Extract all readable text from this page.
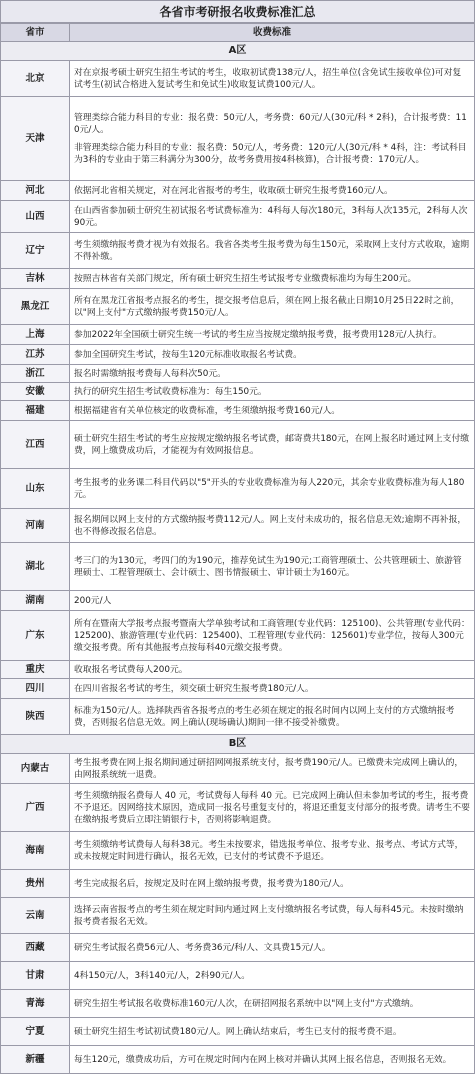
各省市考研报名收费标准汇总
省市	收费标准
A区	
北京	对在京报考硕士研究生招生考试的考生，收取初试费138元/人，招生单位(含免试生接收单位)可对复试考生(初试合格进入复试考生和免试生)收取复试费100元/人。

天津	管理类综合能力科目的专业：报名费：50元/人，考务费：60元/人(30元/科 * 2科)，合计报考费：110元/人。
非管理类综合能力科目的专业：报名费：50元/人，考务费：120元/人(30元/科 * 4科，注：考试科目为3科的专业由于第三科满分为300分，故考务费用按4科核算)，合计报考费：170元/人。

河北	依据河北省相关规定，对在河北省报考的考生，收取硕士研究生报考费160元/人。

山西	在山西省参加硕士研究生初试报名考试费标准为：4科每人每次180元，3科每人次135元，2科每人次90元。

辽宁	考生须缴纳报考费才视为有效报名。我省各类考生报考费为每生150元，采取网上支付方式收取，逾期不得补缴。

吉林	按照吉林省有关部门规定，所有硕士研究生招生考试报考专业缴费标准均为每生200元。

黑龙江	所有在黑龙江省报考点报名的考生，提交报考信息后，须在网上报名截止日期10月25日22时之前，以"网上支付"方式缴纳报考费150元/人。

上海	参加2022年全国硕士研究生统一考试的考生应当按规定缴纳报考费，报考费用128元/人执行。

江苏	参加全国研究生考试，按每生120元标准收取报名考试费。

浙江	报名时需缴纳报考费每人每科次50元。

安徽	执行的研究生招生考试收费标准为：每生150元。

福建	根据福建省有关单位核定的收费标准，考生须缴纳报考费160元/人。

江西	硕士研究生招生考试的考生应按规定缴纳报名考试费，邮寄费共180元，在网上报名时通过网上支付缴费，网上缴费成功后，才能视为有效网报信息。

山东	考生报考的业务课二科目代码以"5"开头的专业收费标准为每人220元，其余专业收费标准为每人180元。

河南	报名期间以网上支付的方式缴纳报考费112元/人。网上支付未成功的，报名信息无效;逾期不再补报，也不得修改报名信息。

湖北	考三门的为130元，考四门的为190元，推荐免试生为190元;工商管理硕士、公共管理硕士、旅游管理硕士、工程管理硕士、会计硕士、图书情报硕士、审计硕士为160元。

湖南	200元/人

广东	所有在暨南大学报考点报考暨南大学单独考试和工商管理(专业代码：125100)、公共管理(专业代码：125200)、旅游管理(专业代码：125400)、工程管理(专业代码：125601)专业学位，按每人300元缴交报考费。所有其他报考点按每科40元缴交报考费。

重庆	收取报名考试费每人200元。

四川	在四川省报名考试的考生，须交硕士研究生报考费180元/人。

陕西	标准为150元/人。选择陕西省各报考点的考生必须在规定的报名时间内以网上支付的方式缴纳报考费，否则报名信息无效。网上确认(现场确认)期间一律不接受补缴费。

B区	
内蒙古	考生报考费在网上报名期间通过研招网网报系统支付，报考费190元/人。已缴费未完成网上确认的，由网报系统统一退费。

广西	考生须缴纳报名费每人 40 元，考试费每人每科 40 元。已完成网上确认但未参加考试的考生，报考费不予退还。因网络技术原因，造成同一报名号重复支付的，将退还重复支付部分的报考费。请考生不要在缴纳报考费后立即注销银行卡，否则将影响退费。

海南	考生须缴纳考试费每人每科38元。考生未按要求，错选报考单位、报考专业、报考点、考试方式等，或未按规定时间进行确认，报名无效，已支付的考试费不予退还。

贵州	考生完成报名后，按规定及时在网上缴纳报考费，报考费为180元/人。

云南	选择云南省报考点的考生须在规定时间内通过网上支付缴纳报名考试费，每人每科45元。未按时缴纳报考费者报名无效。

西藏	研究生考试报名费56元/人、考务费36元/科/人、文具费15元/人。

甘肃	4科150元/人，3科140元/人，2科90元/人。

青海	研究生招生考试报名收费标准160元/人次，在研招网报名系统中以"网上支付"方式缴纳。

宁夏	硕士研究生招生考试初试费180元/人。网上确认结束后，考生已支付的报考费不退。

新疆	每生120元，缴费成功后，方可在规定时间内在网上核对并确认其网上报名信息，否则报名无效。
